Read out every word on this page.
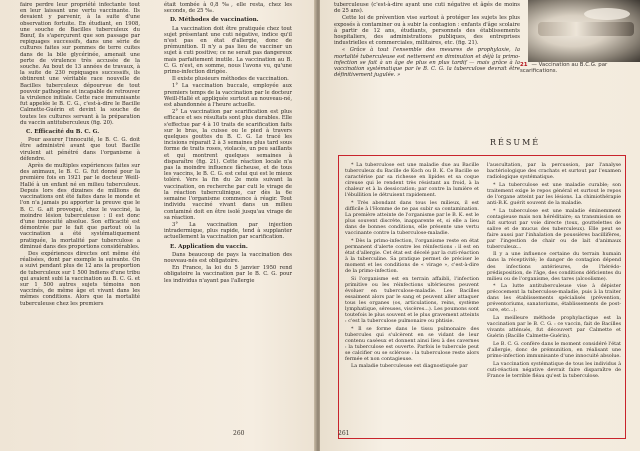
faire perdre leur propriété infectante tout en leur laissant une vertu vaccinante. Ils devaient y parvenir, à la suite d'une observation fortuite. En étudiant, en 1908, une souche de Bacilles tuberculeux du Bœuf, ils s'aperçurent que son passage par repiquages successifs, dans une série de cultures faites sur pommes de terre cuites dans de la bile glycérinée, amenait une perte de virulence très accusée de la souche. Au bout de 13 années de travaux, à la suite de 230 repiquages successifs, ils obtinrent une véritable race nouvelle de Bacilles tuberculeux dépourvue de tout pouvoir pathogène et incapable de retrouver la virulence initiale. Cette race immunisante fut appelée le B. C. G., c'est-à-dire le Bacille Calmette-Guérin et devint la souche de toutes les cultures servant à la préparation du vaccin antituberculeux (fig. 20).

C. Efficacité du B. C. G.

Pour assurer l'innocuité, le B. C. G. doit être administré avant que tout Bacille virulent ait pénétré dans l'organisme à défendre.

Après de multiples expériences faites sur des animaux, le B. C. G. fut donné pour la première fois en 1921 par le docteur Weill-Hallé à un enfant né en milieu tuberculeux. Depuis lors des dizaines de millions de vaccinations ont été faites dans le monde et l'on n'a jamais pu apporter la preuve que le B. C. G. ait provoqué, chez le vacciné, la moindre lésion tuberculeuse : il est donc d'une innocuité absolue. Son efficacité est démontrée par le fait que partout où la vaccination a été systématiquement pratiquée, la mortalité par tuberculose a diminué dans des proportions considérables.

Des expériences directes ont même été réalisées, dont par exemple la suivante. On a suivi pendant plus de 12 ans la proportion de tuberculeux sur 1 500 Indiens d'une tribu qui avaient subi la vaccination au B. C. G. et sur 1 500 autres sujets témoins non vaccinés, de même âge et vivant dans les mêmes conditions. Alors que la mortalité tuberculeuse chez les premiers

était tombée à 0,8 ‰, elle resta, chez les seconds, de 25 ‰.

D. Méthodes de vaccination.

La vaccination doit être pratiquée chez tout sujet présentant une cuti négative, indice qu'il n'est pas en état d'allergie, donc de prémunition. Il n'y a pas lieu de vacciner un sujet à cuti positive; ce ne serait pas dangereux mais parfaitement inutile. La vaccination au B. C. G. n'est, en somme, nous l'avons vu, qu'une primo-infection dirigée.

Il existe plusieurs méthodes de vaccination.

1° La vaccination buccale, employée aux premiers temps de la vaccination par le docteur Weill-Hallé et appliquée surtout au nouveau-né, est abandonnée à l'heure actuelle.

2° La vaccination par scarification est plus efficace et ses résultats sont plus durables. Elle s'effectue par 4 à 10 traits de scarification faits sur le bras, la cuisse ou le pied à travers quelques gouttes du B. C. G. Le tracé les incisions réparait 2 à 3 semaines plus tard sous forme de traits roses, violacés, un peu saillants et qui montrent quelques semaines à disparaître (fig. 21). Cette réaction locale n'a pas la moindre influence fâcheuse, et de tous les vaccins, le B. C. G. est celui qui est le mieux toléré. Vers la fin du 2e mois suivant la vaccination, on recherche par cuti le virage de la réaction tuberculinique, car dès la 6e semaine l'organisme commence à réagir. Tout individu vacciné vivant dans un milieu contaminé doit en être isolé jusqu'au virage de sa réaction.

3° La vaccination par injection intradermique, plus rapide, tend à supplanter actuellement la vaccination par scarification.

E. Application du vaccin.

Dans beaucoup de pays la vaccination des nouveau-nés est obligatoire.

En France, la loi du 5 janvier 1950 rend obligatoire la vaccination par le B. C. G. pour les individus n'ayant pas l'allergie

260

tuberculeuse (c'est-à-dire ayant une cuti négative et âgés de moins de 25 ans).

Cette loi de prévention vise surtout à protéger les sujets les plus exposés à contaminer ou à subir la contagion : enfants d'âge scolaire à partir de 12 ans, étudiants, personnels des établissements hospitaliers, des administrations publiques, des entreprises industrielles et commerciales, militaires, etc. (fig. 21).

« Grâce à tout l'ensemble des mesures de prophylaxie, la mortalité tuberculeuse est nettement en diminution et déjà la primo-infection se fait à un âge de plus en plus tardif — mais grâce à la vaccination systématique par le B. C. G. la tuberculose devrait être définitivement jugulée. »

21 — Vaccination au B.C.G. par scarifications.
RÉSUMÉ

* La tuberculose est une maladie due au Bacille tuberculeux du Bacille de Koch ou B. K. Ce Bacille se caractérise par sa richesse en lipides et sa coque cireuse qui le rendent très résistant au froid, à la chaleur et à la dessiccation; par contre la lumière et l'ébullition le détruisent rapidement.

* Très abondant dans tous les milieux, il est difficile à l'Homme de ne pas subir sa contamination. La première atteinte de l'organisme par le B. K. est le plus souvent discrète, inapparente et, si elle a lieu dans de bonnes conditions, elle présente une vertu vaccinante contre la tuberculose-maladie.

* Dès la primo-infection, l'organisme reste en état permanent d'alerte contre les réinfections : il est en état d'allergie. Cet état est décelé par la cuti-réaction à la tuberculine. Sa pratique permet de préciser le moment et les conditions de « virage », c'est-à-dire de la primo-infection.

Si l'organisme est en terrain affaibli, l'infection primitive ou les réinfections ultérieures peuvent évoluer en tuberculose-maladie. Les Bacilles essaiment alors par le sang et peuvent aller attaquer tous les organes (os, articulations, reins, système lymphatique, séreuses, viscères...). Les poumons sont toutefois le plus souvent et le plus gravement atteints : c'est la tuberculose pulmonaire ou phtisie.

* Il se forme dans le tissu pulmonaire des tubercules qui s'ulcèrent en se vidant de leur contenu caséeux et donnent ainsi lieu à des cavernes : la tuberculose est ouverte. Parfois le tubercule peut se calcifier ou se sclérose : la tuberculose reste alors fermée et non contagieuse.

La maladie tuberculeuse est diagnostiquée par

l'auscultation, par la percussion, par l'analyse bactériologique des crachats et surtout par l'examen radiologique systématique.

* La tuberculose est une maladie curable; son traitement exige le repos général et surtout le repos de l'organe atteint par les lésions. La chimiothérapie anti-B.K. guérit souvent de la maladie.

* La tuberculose est une maladie éminemment contagieuse mais non héréditaire; sa transmission se fait surtout par voie directe (toux, gouttelettes de salive et de mucus des tuberculeux). Elle peut se faire aussi par l'inhalation de poussières bacillifères, par l'ingestion de chair ou de lait d'animaux tuberculeux...

Il y a une influence certaine du terrain humain dans la réceptivité; le danger de contagion dépend des infections antérieures, de l'hérédo-prédisposition, de l'âge, des conditions déficientes du milieu ou de l'organisme, des tares (alcoolisme).

* La lutte antituberculeuse vise à dépister précocement la tuberculose-maladie, puis à la traiter dans les établissements spécialisés (prévention, préventoriums, sanatoriums, établissements de post-cure, etc...).

La meilleure méthode prophylactique est la vaccination par le B. C. G. : ce vaccin, fait de Bacilles vivants atténués, fut découvert par Calmette et Guérin (Bacille Calmette-Guérin).

Le B. C. G. confère dans le moment considéré l'état d'allergie, donc de prémunition, en réalisant une primo-infection immunisante d'une innocuité absolue.

La vaccination systématique de tous les individus à cuti-réaction négative devrait faire disparaître de France le terrible fléau qu'est la tuberculose.

261
